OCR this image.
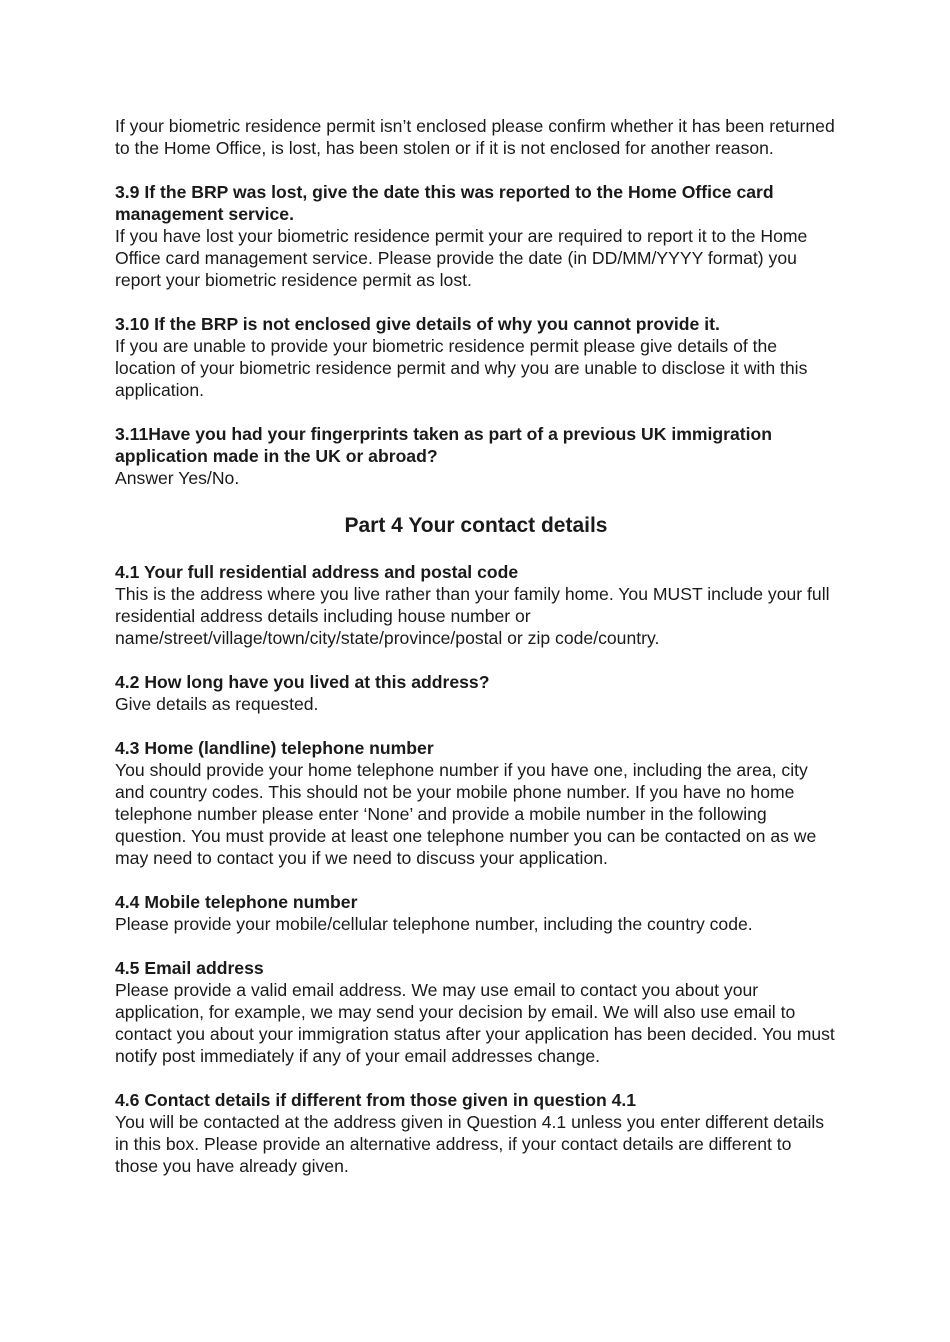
If your biometric residence permit isn’t enclosed please confirm whether it has been returned to the Home Office, is lost, has been stolen or if it is not enclosed for another reason.

3.9 If the BRP was lost, give the date this was reported to the Home Office card management service.
If you have lost your biometric residence permit your are required to report it to the Home Office card management service. Please provide the date (in DD/MM/YYYY format) you report your biometric residence permit as lost.
3.10 If the BRP is not enclosed give details of why you cannot provide it.
If you are unable to provide your biometric residence permit please give details of the location of your biometric residence permit and why you are unable to disclose it with this application.
3.11Have you had your fingerprints taken as part of a previous UK immigration application made in the UK or abroad?
Answer Yes/No.
Part 4 Your contact details
4.1 Your full residential address and postal code
This is the address where you live rather than your family home. You MUST include your full residential address details including house number or name/street/village/town/city/state/province/postal or zip code/country.
4.2 How long have you lived at this address?
Give details as requested.
4.3 Home (landline) telephone number
You should provide your home telephone number if you have one, including the area, city and country codes. This should not be your mobile phone number. If you have no home telephone number please enter ‘None’ and provide a mobile number in the following question. You must provide at least one telephone number you can be contacted on as we may need to contact you if we need to discuss your application.
4.4 Mobile telephone number
Please provide your mobile/cellular telephone number, including the country code.
4.5 Email address
Please provide a valid email address. We may use email to contact you about your application, for example, we may send your decision by email. We will also use email to contact you about your immigration status after your application has been decided. You must notify post immediately if any of your email addresses change.
4.6 Contact details if different from those given in question 4.1
You will be contacted at the address given in Question 4.1 unless you enter different details in this box. Please provide an alternative address, if your contact details are different to those you have already given.
